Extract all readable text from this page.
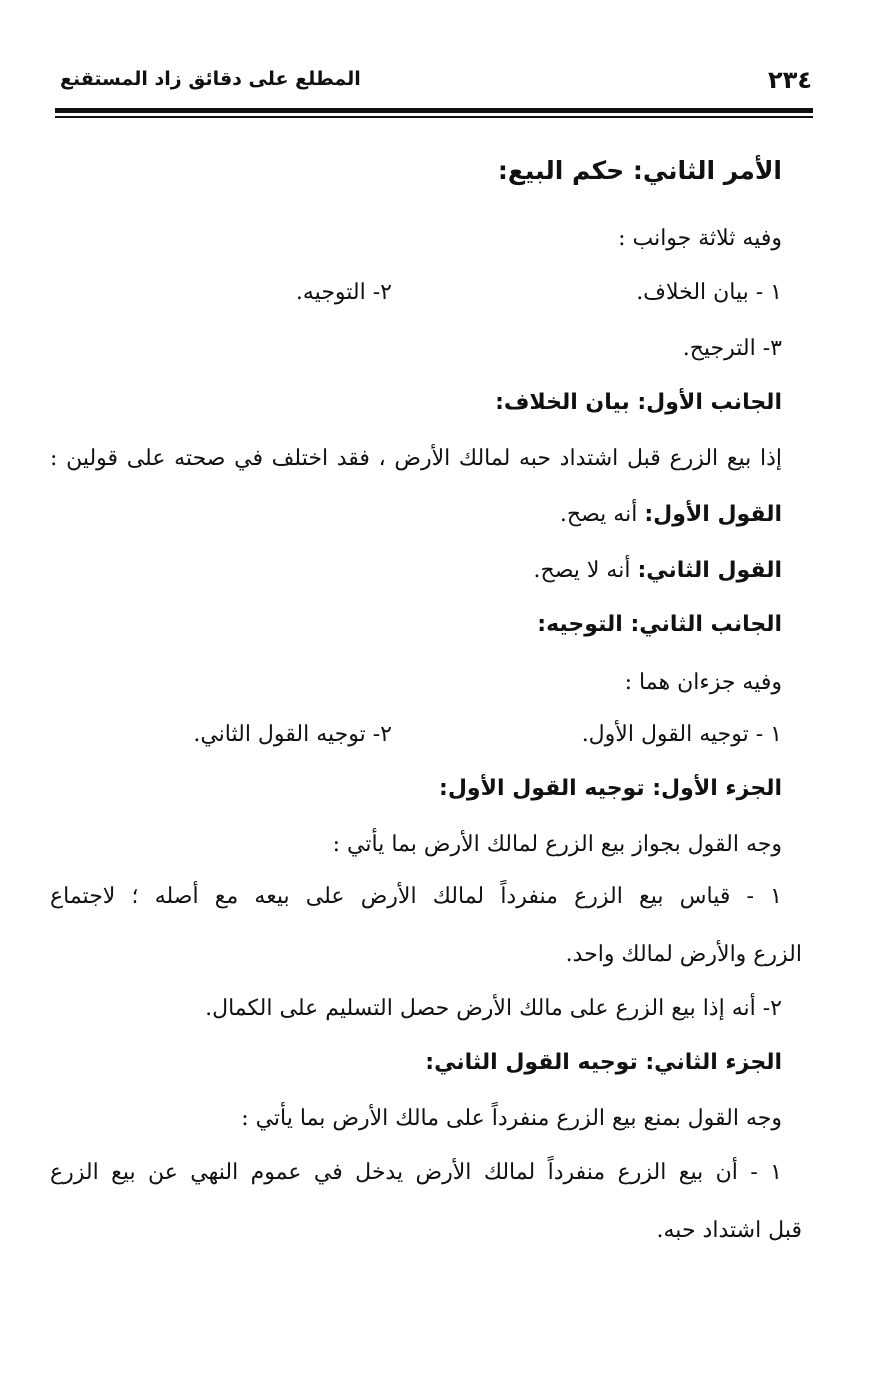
٢٣٤
المطلع على دقائق زاد المستقنع
الأمر الثاني: حكم البيع:
وفيه ثلاثة جوانب :
١ - بيان الخلاف.
٢- التوجيه.
٣- الترجيح.
الجانب الأول: بيان الخلاف:
إذا بيع الزرع قبل اشتداد حبه لمالك الأرض ، فقد اختلف في صحته على قولين :
القول الأول: أنه يصح.
القول الثاني: أنه لا يصح.
الجانب الثاني: التوجيه:
وفيه جزءان هما :
١ - توجيه القول الأول.
٢- توجيه القول الثاني.
الجزء الأول: توجيه القول الأول:
وجه القول بجواز بيع الزرع لمالك الأرض بما يأتي :
١ - قياس بيع الزرع منفرداً لمالك الأرض على بيعه مع أصله ؛ لاجتماع
الزرع والأرض لمالك واحد.
٢- أنه إذا بيع الزرع على مالك الأرض حصل التسليم على الكمال.
الجزء الثاني: توجيه القول الثاني:
وجه القول بمنع بيع الزرع منفرداً على مالك الأرض بما يأتي :
١ - أن بيع الزرع منفرداً لمالك الأرض يدخل في عموم النهي عن بيع الزرع
قبل اشتداد حبه.
